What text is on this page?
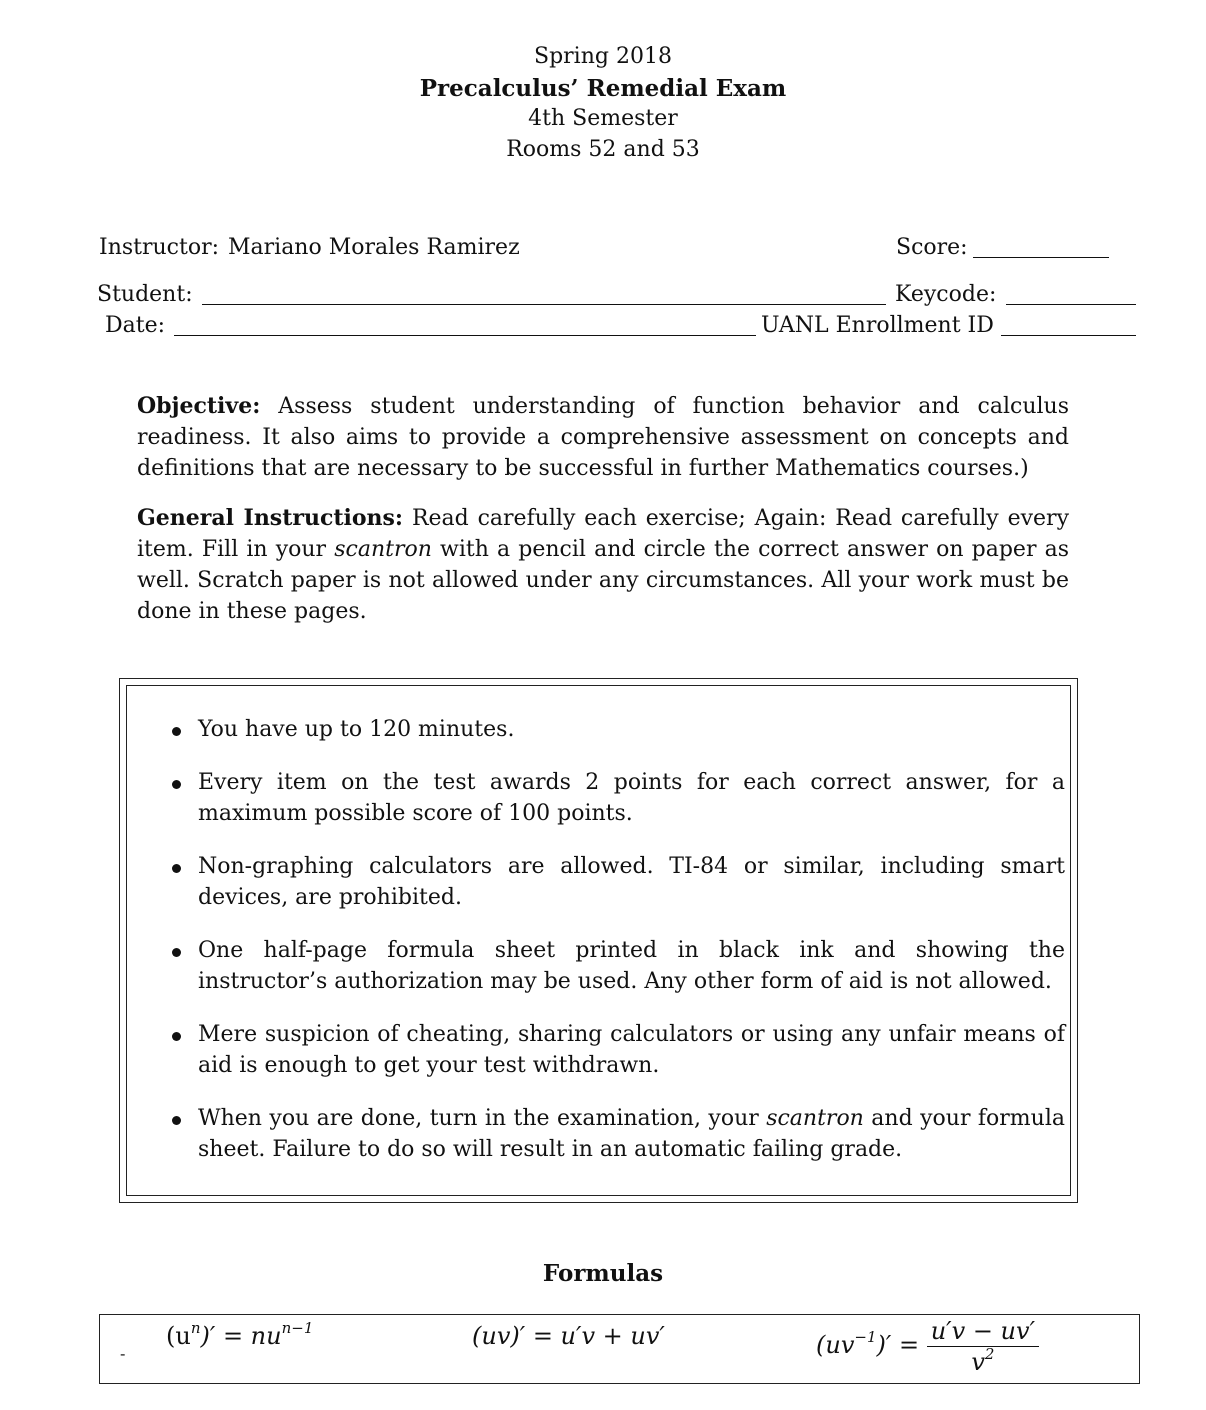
Spring 2018
Precalculus’ Remedial Exam
4th Semester
Rooms 52 and 53
Instructor: Mariano Morales Ramirez	Score:
Student:	Keycode:
Date:	UANL Enrollment ID
Objective: Assess student understanding of function behavior and calculus readiness. It also aims to provide a comprehensive assessment on concepts and definitions that are necessary to be successful in further Mathematics courses.)
General Instructions: Read carefully each exercise; Again: Read carefully every item. Fill in your scantron with a pencil and circle the correct answer on paper as well. Scratch paper is not allowed under any circumstances. All your work must be done in these pages.
You have up to 120 minutes.
Every item on the test awards 2 points for each correct answer, for a maximum possible score of 100 points.
Non-graphing calculators are allowed. TI-84 or similar, including smart devices, are prohibited.
One half-page formula sheet printed in black ink and showing the instructor’s authorization may be used. Any other form of aid is not allowed.
Mere suspicion of cheating, sharing calculators or using any unfair means of aid is enough to get your test withdrawn.
When you are done, turn in the examination, your scantron and your formula sheet. Failure to do so will result in an automatic failing grade.
Formulas
-
$(u^n)' = nu^{n-1}$	(uv)′ = u′v + uv′	$(uv^{-1})' = \frac{u'v - uv'}{v^2}$
